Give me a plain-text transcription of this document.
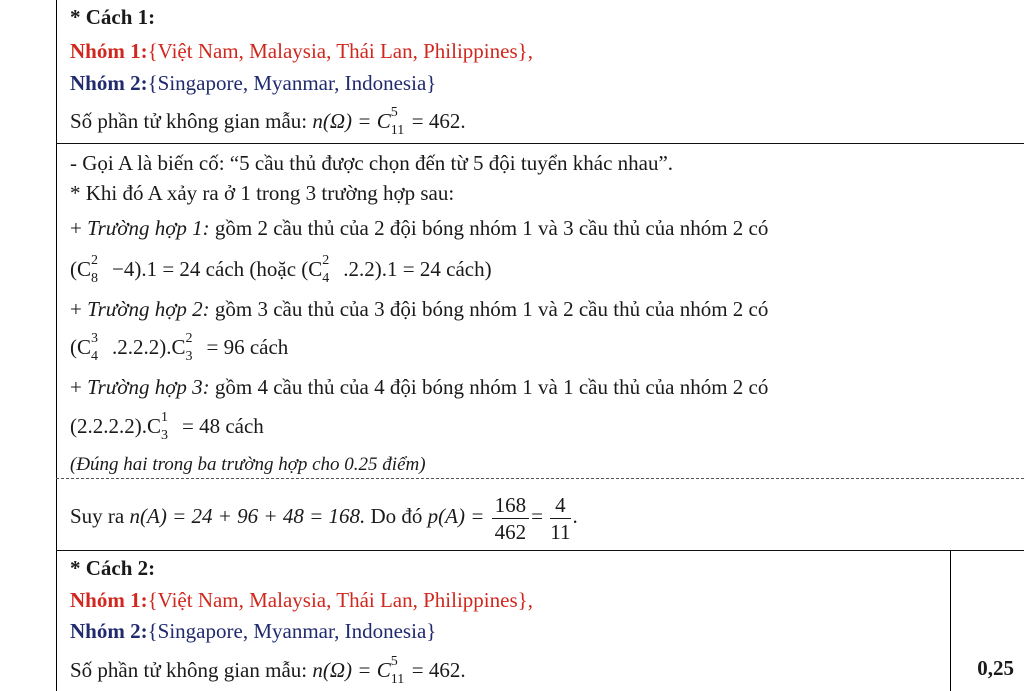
* Cách 1:
Nhóm 1:{Việt Nam, Malaysia, Thái Lan, Philippines},
Nhóm 2:{Singapore, Myanmar, Indonesia}
Số phần tử không gian mẫu: n(Ω) = C 5
11 = 462.
- Gọi A là biến cố: “5 cầu thủ được chọn đến từ 5 đội tuyển khác nhau”.
* Khi đó A xảy ra ở 1 trong 3 trường hợp sau:
+ Trường hợp 1: gồm 2 cầu thủ của 2 đội bóng nhóm 1 và 3 cầu thủ của nhóm 2 có
(C 2
8 −4).1 = 24 cách (hoặc (C 2
4 .2.2).1 = 24 cách)
+ Trường hợp 2: gồm 3 cầu thủ của 3 đội bóng nhóm 1 và 2 cầu thủ của nhóm 2 có
(C 3
4 .2.2.2).C 2
3 = 96 cách
+ Trường hợp 3: gồm 4 cầu thủ của 4 đội bóng nhóm 1 và 1 cầu thủ của nhóm 2 có
(2.2.2.2).C 1
3 = 48 cách
(Đúng hai trong ba trường hợp cho 0.25 điểm)
Suy ra n(A) = 24 + 96 + 48 = 168. Do đó $p(A) = \frac{168}{462} = \frac{4}{11}$ .
* Cách 2:
Nhóm 1:{Việt Nam, Malaysia, Thái Lan, Philippines},
Nhóm 2:{Singapore, Myanmar, Indonesia}
Số phần tử không gian mẫu: n(Ω) = C 5
11 = 462.	0,25
